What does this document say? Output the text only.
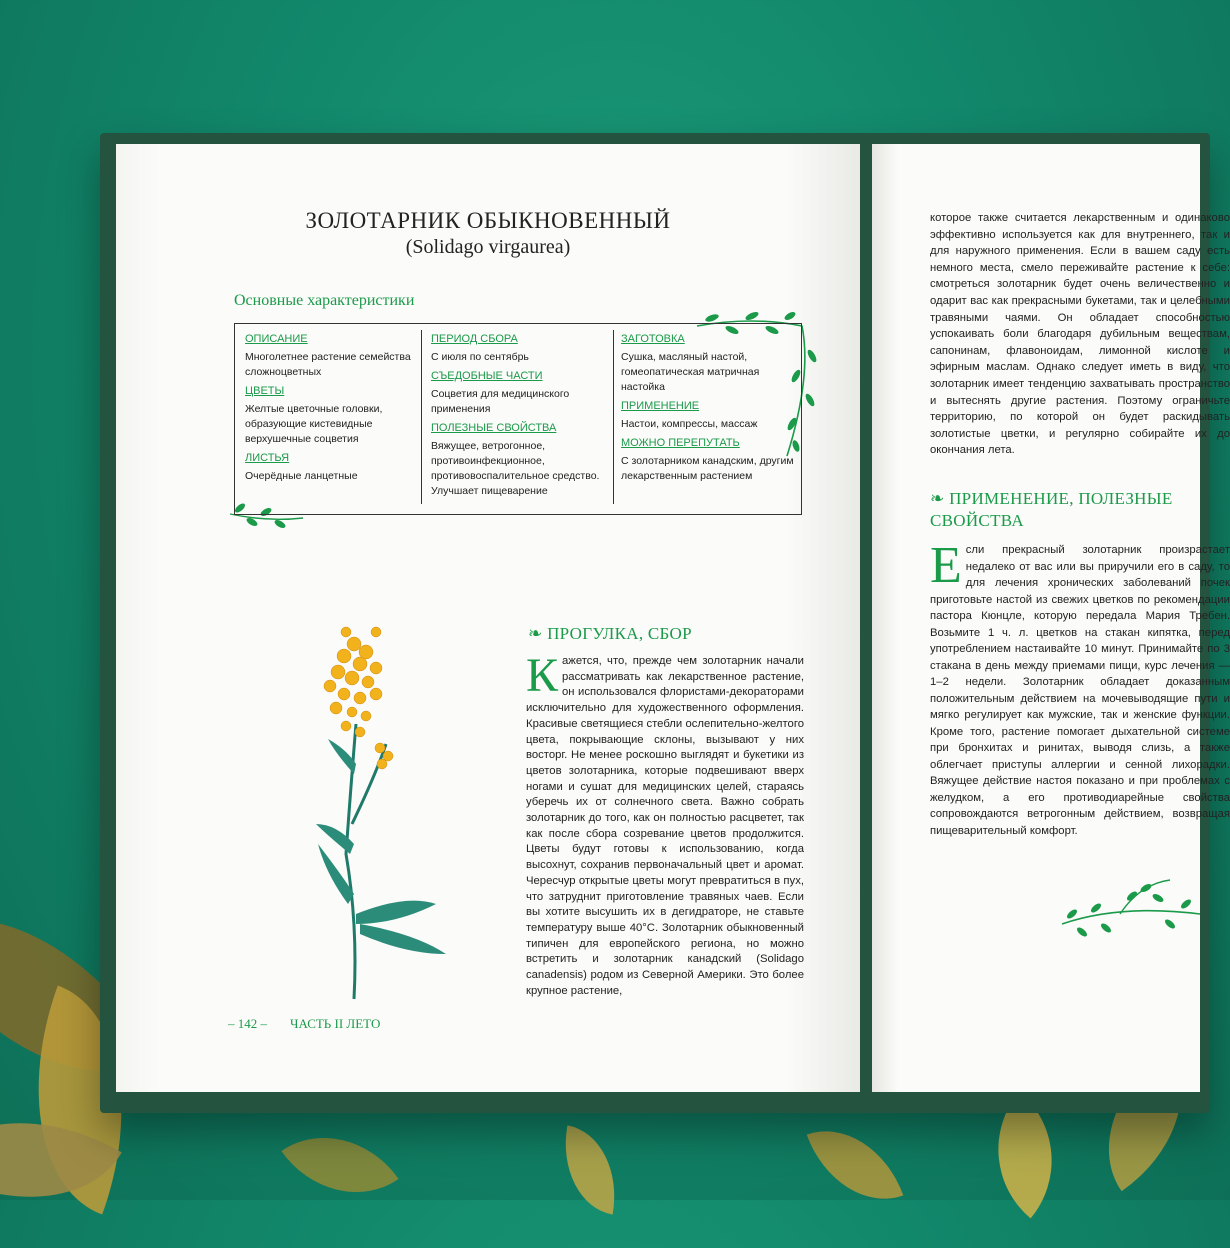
ЗОЛОТАРНИК ОБЫКНОВЕННЫЙ
(Solidago virgaurea)
Основные характеристики
ОПИСАНИЕ
Многолетнее растение семейства сложноцветных
ЦВЕТЫ
Желтые цветочные головки, образующие кистевидные верхушечные соцветия
ЛИСТЬЯ
Очерёдные ланцетные
ПЕРИОД СБОРА
С июля по сентябрь
СЪЕДОБНЫЕ ЧАСТИ
Соцветия для медицинского применения
ПОЛЕЗНЫЕ СВОЙСТВА
Вяжущее, ветрогонное, противоинфекционное, противовоспалительное средство. Улучшает пищеварение
ЗАГОТОВКА
Сушка, масляный настой, гомеопатическая матричная настойка
ПРИМЕНЕНИЕ
Настои, компрессы, массаж
МОЖНО ПЕРЕПУТАТЬ
С золотарником канадским, другим лекарственным растением
❧ ПРОГУЛКА, СБОР
Кажется, что, прежде чем золотарник начали рассматривать как лекарственное растение, он использовался флористами-декораторами исключительно для художественного оформления. Красивые светящиеся стебли ослепительно-желтого цвета, покрывающие склоны, вызывают у них восторг. Не менее роскошно выглядят и букетики из цветов золотарника, которые подвешивают вверх ногами и сушат для медицинских целей, стараясь уберечь их от солнечного света. Важно собрать золотарник до того, как он полностью расцветет, так как после сбора созревание цветов продолжится. Цветы будут готовы к использованию, когда высохнут, сохранив первоначальный цвет и аромат. Чересчур открытые цветы могут превратиться в пух, что затруднит приготовление травяных чаев. Если вы хотите высушить их в дегидраторе, не ставьте температуру выше 40°С. Золотарник обыкновенный типичен для европейского региона, но можно встретить и золотарник канадский (Solidago canadensis) родом из Северной Америки. Это более крупное растение,
– 142 – ЧАСТЬ II ЛЕТО
которое также считается лекарственным и одинаково эффективно используется как для внутреннего, так и для наружного применения. Если в вашем саду есть немного места, смело переживайте растение к себе: смотреться золотарник будет очень величественно и одарит вас как прекрасными букетами, так и целебными травяными чаями. Он обладает способностью успокаивать боли благодаря дубильным веществам, сапонинам, флавоноидам, лимонной кислоте и эфирным маслам. Однако следует иметь в виду, что золотарник имеет тенденцию захватывать пространство и вытеснять другие растения. Поэтому ограничьте территорию, по которой он будет раскидывать золотистые цветки, и регулярно собирайте их до окончания лета.
❧ ПРИМЕНЕНИЕ, ПОЛЕЗНЫЕ СВОЙСТВА
Если прекрасный золотарник произрастает недалеко от вас или вы приручили его в саду, то для лечения хронических заболеваний почек приготовьте настой из свежих цветков по рекомендации пастора Кюнцле, которую передала Мария Требен. Возьмите 1 ч. л. цветков на стакан кипятка, перед употреблением настаивайте 10 минут. Принимайте по 3 стакана в день между приемами пищи, курс лечения — 1–2 недели. Золотарник обладает доказанным положительным действием на мочевыводящие пути и мягко регулирует как мужские, так и женские функции. Кроме того, растение помогает дыхательной системе при бронхитах и ринитах, выводя слизь, а также облегчает приступы аллергии и сенной лихорадки. Вяжущее действие настоя показано и при проблемах с желудком, а его противодиарейные свойства сопровождаются ветрогонным действием, возвращая пищеварительный комфорт.
